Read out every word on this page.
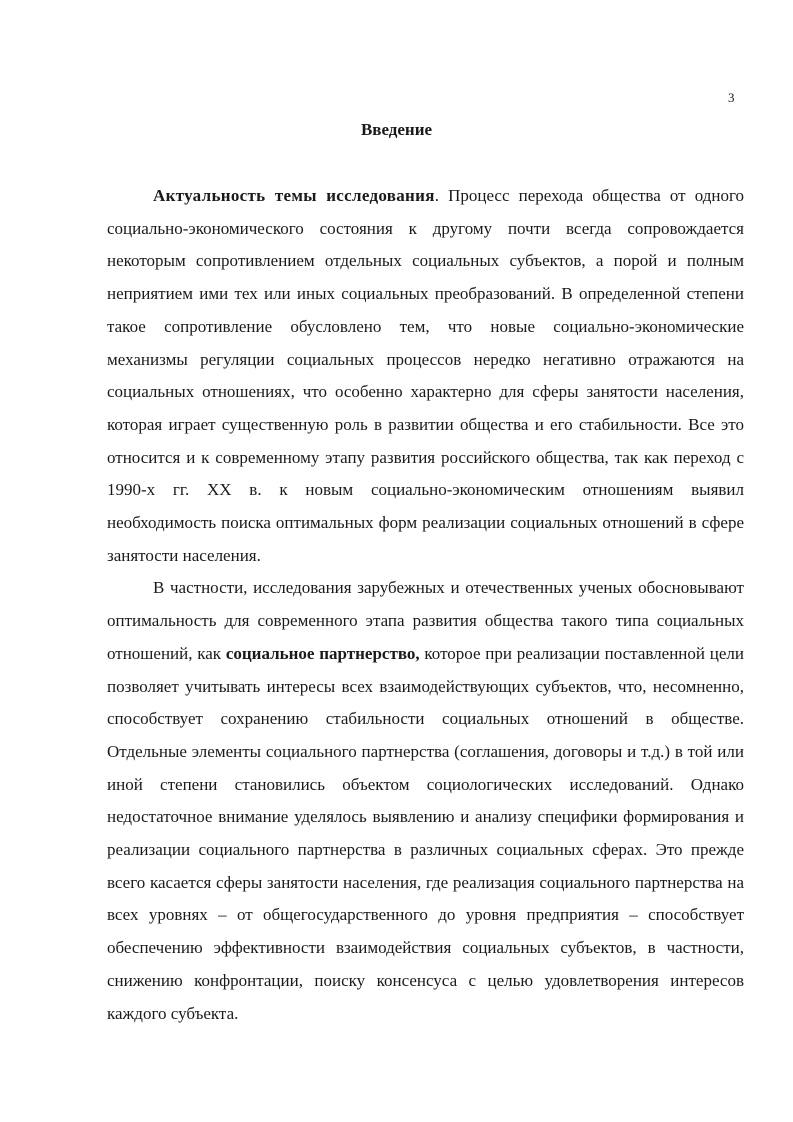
3
Введение

Актуальность темы исследования. Процесс перехода общества от одного социально-экономического состояния к другому почти всегда сопровождается некоторым сопротивлением отдельных социальных субъектов, а порой и полным неприятием ими тех или иных социальных преобразований. В определенной степени такое сопротивление обусловлено тем, что новые социально-экономические механизмы регуляции социальных процессов нередко негативно отражаются на социальных отношениях, что особенно характерно для сферы занятости населения, которая играет существенную роль в развитии общества и его стабильности. Все это относится и к современному этапу развития российского общества, так как переход с 1990-х гг. XX в. к новым социально-экономическим отношениям выявил необходимость поиска оптимальных форм реализации социальных отношений в сфере занятости населения.

В частности, исследования зарубежных и отечественных ученых обосновывают оптимальность для современного этапа развития общества такого типа социальных отношений, как социальное партнерство, которое при реализации поставленной цели позволяет учитывать интересы всех взаимодействующих субъектов, что, несомненно, способствует сохранению стабильности социальных отношений в обществе. Отдельные элементы социального партнерства (соглашения, договоры и т.д.) в той или иной степени становились объектом социологических исследований. Однако недостаточное внимание уделялось выявлению и анализу специфики формирования и реализации социального партнерства в различных социальных сферах. Это прежде всего касается сферы занятости населения, где реализация социального партнерства на всех уровнях – от общегосударственного до уровня предприятия – способствует обеспечению эффективности взаимодействия социальных субъектов, в частности, снижению конфронтации, поиску консенсуса с целью удовлетворения интересов каждого субъекта.
